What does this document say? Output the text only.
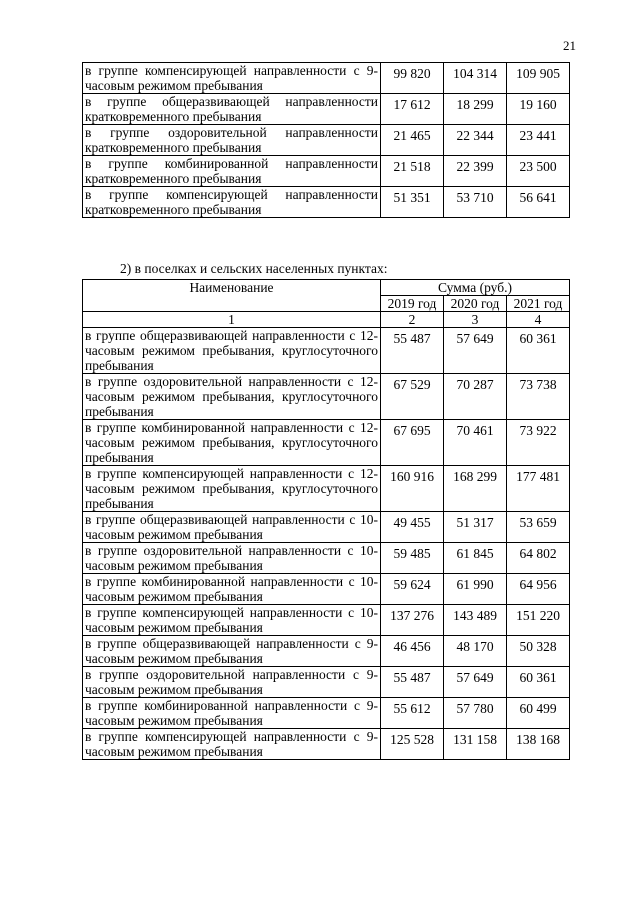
21
в группе компенсирующей направленности с 9-часовым режимом пребывания	99 820	104 314	109 905
в группе общеразвивающей направленности кратковременного пребывания	17 612	18 299	19 160
в группе оздоровительной направленности кратковременного пребывания	21 465	22 344	23 441
в группе комбинированной направленности кратковременного пребывания	21 518	22 399	23 500
в группе компенсирующей направленности кратковременного пребывания	51 351	53 710	56 641
2) в поселках и сельских населенных пунктах:
Наименование	Сумма (руб.)		
	2019 год	2020 год	2021 год
1	2	3	4
в группе общеразвивающей направленности с 12-часовым режимом пребывания, круглосуточного пребывания	55 487	57 649	60 361
в группе оздоровительной направленности с 12-часовым режимом пребывания, круглосуточного пребывания	67 529	70 287	73 738
в группе комбинированной направленности с 12-часовым режимом пребывания, круглосуточного пребывания	67 695	70 461	73 922
в группе компенсирующей направленности с 12-часовым режимом пребывания, круглосуточного пребывания	160 916	168 299	177 481
в группе общеразвивающей направленности с 10-часовым режимом пребывания	49 455	51 317	53 659
в группе оздоровительной направленности с 10-часовым режимом пребывания	59 485	61 845	64 802
в группе комбинированной направленности с 10-часовым режимом пребывания	59 624	61 990	64 956
в группе компенсирующей направленности с 10-часовым режимом пребывания	137 276	143 489	151 220
в группе общеразвивающей направленности с 9-часовым режимом пребывания	46 456	48 170	50 328
в группе оздоровительной направленности с 9-часовым режимом пребывания	55 487	57 649	60 361
в группе комбинированной направленности с 9-часовым режимом пребывания	55 612	57 780	60 499
в группе компенсирующей направленности с 9-часовым режимом пребывания	125 528	131 158	138 168
